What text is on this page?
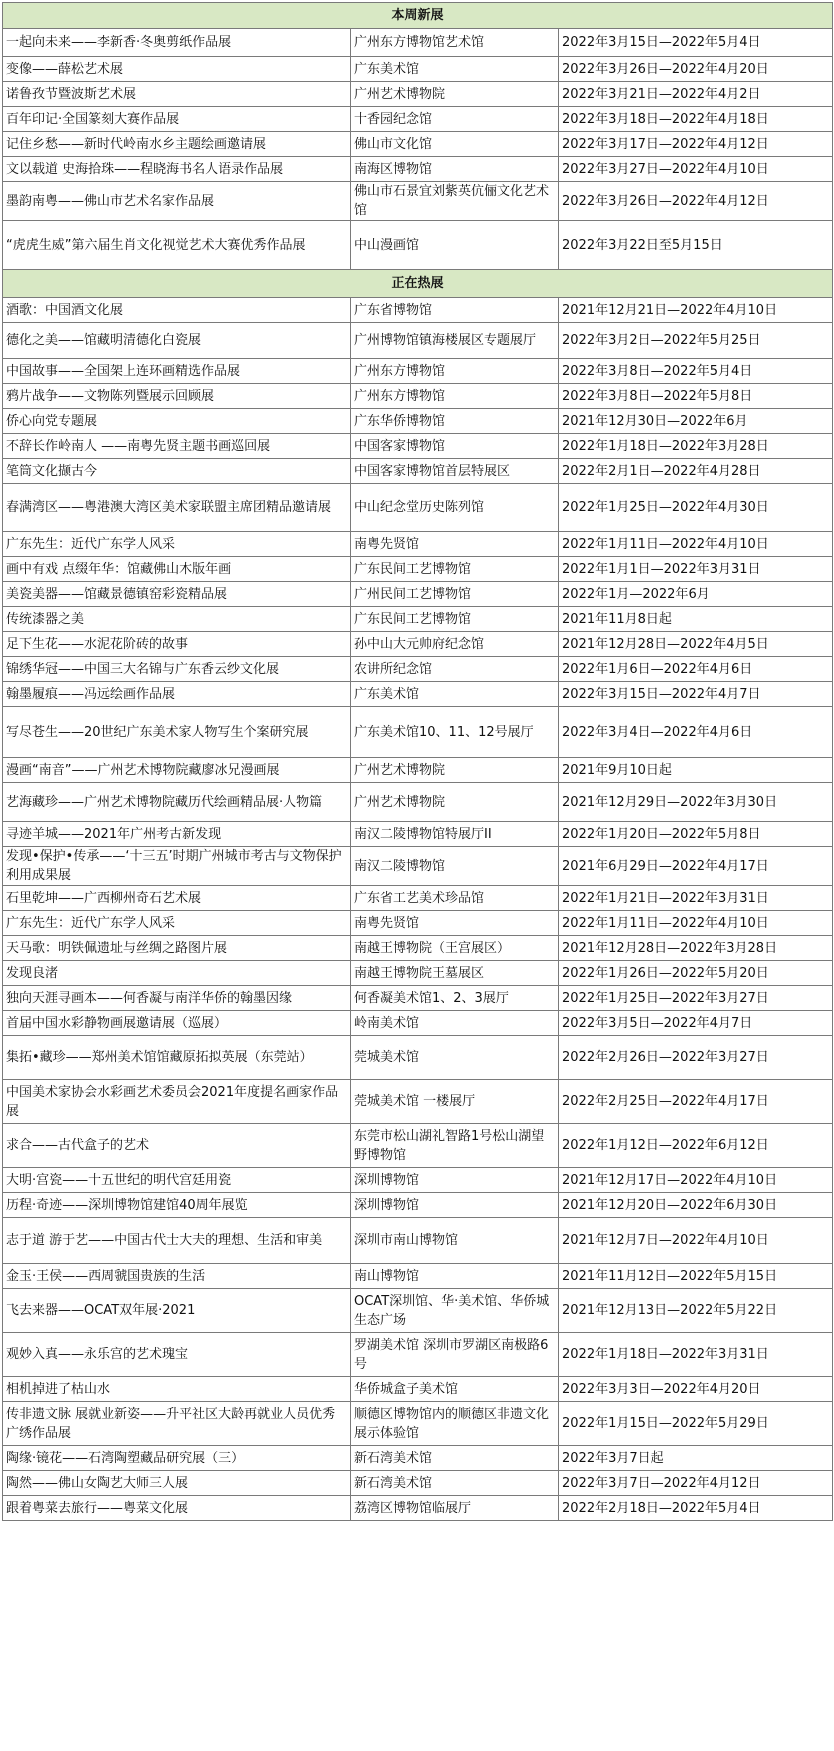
本周新展		
一起向未来——李新香·冬奥剪纸作品展	广州东方博物馆艺术馆	2022年3月15日—2022年5月4日
变像——薛松艺术展	广东美术馆	2022年3月26日—2022年4月20日
诺鲁孜节暨波斯艺术展	广州艺术博物院	2022年3月21日—2022年4月2日
百年印记·全国篆刻大赛作品展	十香园纪念馆	2022年3月18日—2022年4月18日
记住乡愁——新时代岭南水乡主题绘画邀请展	佛山市文化馆	2022年3月17日—2022年4月12日
文以载道 史海拾珠——程晓海书名人语录作品展	南海区博物馆	2022年3月27日—2022年4月10日
墨韵南粤——佛山市艺术名家作品展	佛山市石景宜刘紫英伉俪文化艺术馆	2022年3月26日—2022年4月12日
“虎虎生威”第六届生肖文化视觉艺术大赛优秀作品展	中山漫画馆	2022年3月22日至5月15日
正在热展		
酒歌：中国酒文化展	广东省博物馆	2021年12月21日—2022年4月10日
德化之美——馆藏明清德化白瓷展	广州博物馆镇海楼展区专题展厅	2022年3月2日—2022年5月25日
中国故事——全国架上连环画精选作品展	广州东方博物馆	2022年3月8日—2022年5月4日
鸦片战争——文物陈列暨展示回顾展	广州东方博物馆	2022年3月8日—2022年5月8日
侨心向党专题展	广东华侨博物馆	2021年12月30日—2022年6月
不辞长作岭南人 ——南粤先贤主题书画巡回展	中国客家博物馆	2022年1月18日—2022年3月28日
笔筒文化撷古今	中国客家博物馆首层特展区	2022年2月1日—2022年4月28日
春满湾区——粤港澳大湾区美术家联盟主席团精品邀请展	中山纪念堂历史陈列馆	2022年1月25日—2022年4月30日
广东先生：近代广东学人风采	南粤先贤馆	2022年1月11日—2022年4月10日
画中有戏 点缀年华：馆藏佛山木版年画	广东民间工艺博物馆	2022年1月1日—2022年3月31日
美瓷美器——馆藏景德镇窑彩瓷精品展	广州民间工艺博物馆	2022年1月—2022年6月
传统漆器之美	广东民间工艺博物馆	2021年11月8日起
足下生花——水泥花阶砖的故事	孙中山大元帅府纪念馆	2021年12月28日—2022年4月5日
锦绣华冠——中国三大名锦与广东香云纱文化展	农讲所纪念馆	2022年1月6日—2022年4月6日
翰墨履痕——冯远绘画作品展	广东美术馆	2022年3月15日—2022年4月7日
写尽苍生——20世纪广东美术家人物写生个案研究展	广东美术馆10、11、12号展厅	2022年3月4日—2022年4月6日
漫画“南音”——广州艺术博物院藏廖冰兄漫画展	广州艺术博物院	2021年9月10日起
艺海藏珍——广州艺术博物院藏历代绘画精品展·人物篇	广州艺术博物院	2021年12月29日—2022年3月30日
寻迹羊城——2021年广州考古新发现	南汉二陵博物馆特展厅II	2022年1月20日—2022年5月8日
发现•保护•传承——‘十三五’时期广州城市考古与文物保护利用成果展	南汉二陵博物馆	2021年6月29日—2022年4月17日
石里乾坤——广西柳州奇石艺术展	广东省工艺美术珍品馆	2022年1月21日—2022年3月31日
广东先生：近代广东学人风采	南粤先贤馆	2022年1月11日—2022年4月10日
天马歌：明铁佩遗址与丝绸之路图片展	南越王博物院（王宫展区）	2021年12月28日—2022年3月28日
发现良渚	南越王博物院王墓展区	2022年1月26日—2022年5月20日
独向天涯寻画本——何香凝与南洋华侨的翰墨因缘	何香凝美术馆1、2、3展厅	2022年1月25日—2022年3月27日
首届中国水彩静物画展邀请展（巡展）	岭南美术馆	2022年3月5日—2022年4月7日
集拓•藏珍——郑州美术馆馆藏原拓拟英展（东莞站）	莞城美术馆	2022年2月26日—2022年3月27日
中国美术家协会水彩画艺术委员会2021年度提名画家作品展	莞城美术馆 一楼展厅	2022年2月25日—2022年4月17日
求合——古代盒子的艺术	东莞市松山湖礼智路1号松山湖望野博物馆	2022年1月12日—2022年6月12日
大明·宫瓷——十五世纪的明代宫廷用瓷	深圳博物馆	2021年12月17日—2022年4月10日
历程·奇迹——深圳博物馆建馆40周年展览	深圳博物馆	2021年12月20日—2022年6月30日
志于道 游于艺——中国古代士大夫的理想、生活和审美	深圳市南山博物馆	2021年12月7日—2022年4月10日
金玉·王侯——西周虢国贵族的生活	南山博物馆	2021年11月12日—2022年5月15日
飞去来器——OCAT双年展·2021	OCAT深圳馆、华·美术馆、华侨城生态广场	2021年12月13日—2022年5月22日
观妙入真——永乐宫的艺术瑰宝	罗湖美术馆 深圳市罗湖区南极路6号	2022年1月18日—2022年3月31日
相机掉进了枯山水	华侨城盒子美术馆	2022年3月3日—2022年4月20日
传非遗文脉 展就业新姿——升平社区大龄再就业人员优秀广绣作品展	顺德区博物馆内的顺德区非遗文化展示体验馆	2022年1月15日—2022年5月29日
陶缘·镜花——石湾陶塑藏品研究展（三）	新石湾美术馆	2022年3月7日起
陶然——佛山女陶艺大师三人展	新石湾美术馆	2022年3月7日—2022年4月12日
跟着粤菜去旅行——粤菜文化展	荔湾区博物馆临展厅	2022年2月18日—2022年5月4日
